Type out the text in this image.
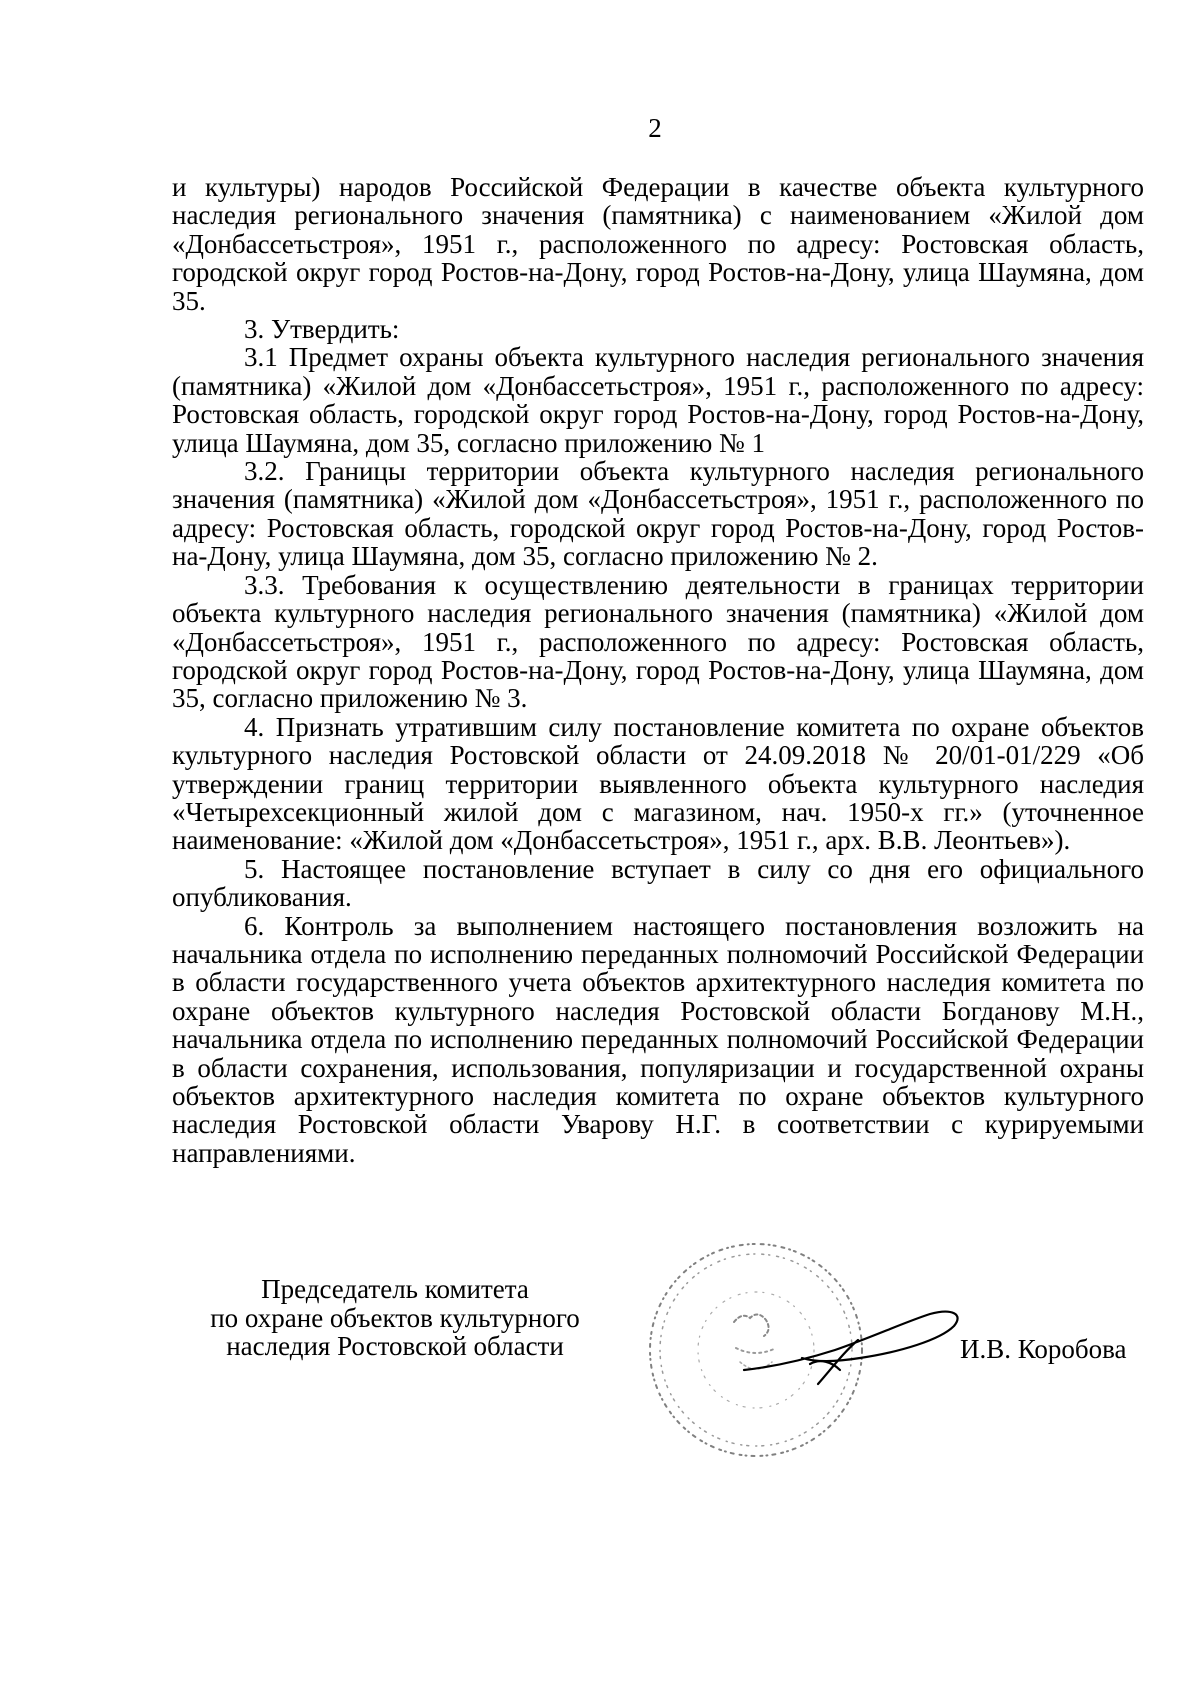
2

и культуры) народов Российской Федерации в качестве объекта культурного наследия регионального значения (памятника) с наименованием «Жилой дом «Донбассетьстроя», 1951 г., расположенного по адресу: Ростовская область, городской округ город Ростов-на-Дону, город Ростов-на-Дону, улица Шаумяна, дом 35.

3. Утвердить:

3.1 Предмет охраны объекта культурного наследия регионального значения (памятника) «Жилой дом «Донбассетьстроя», 1951 г., расположенного по адресу: Ростовская область, городской округ город Ростов-на-Дону, город Ростов-на-Дону, улица Шаумяна, дом 35, согласно приложению № 1

3.2. Границы территории объекта культурного наследия регионального значения (памятника) «Жилой дом «Донбассетьстроя», 1951 г., расположенного по адресу: Ростовская область, городской округ город Ростов-на-Дону, город Ростов-на-Дону, улица Шаумяна, дом 35, согласно приложению № 2.

3.3. Требования к осуществлению деятельности в границах территории объекта культурного наследия регионального значения (памятника) «Жилой дом «Донбассетьстроя», 1951 г., расположенного по адресу: Ростовская область, городской округ город Ростов-на-Дону, город Ростов-на-Дону, улица Шаумяна, дом 35, согласно приложению № 3.

4. Признать утратившим силу постановление комитета по охране объектов культурного наследия Ростовской области от 24.09.2018 № 20/01-01/229 «Об утверждении границ территории выявленного объекта культурного наследия «Четырехсекционный жилой дом с магазином, нач. 1950-х гг.» (уточненное наименование: «Жилой дом «Донбассетьстроя», 1951 г., арх. В.В. Леонтьев»).

5. Настоящее постановление вступает в силу со дня его официального опубликования.

6. Контроль за выполнением настоящего постановления возложить на начальника отдела по исполнению переданных полномочий Российской Федерации в области государственного учета объектов архитектурного наследия комитета по охране объектов культурного наследия Ростовской области Богданову М.Н., начальника отдела по исполнению переданных полномочий Российской Федерации в области сохранения, использования, популяризации и государственной охраны объектов архитектурного наследия комитета по охране объектов культурного наследия Ростовской области Уварову Н.Г. в соответствии с курируемыми направлениями.

Председатель комитета
по охране объектов культурного
наследия Ростовской области	И.В. Коробова
